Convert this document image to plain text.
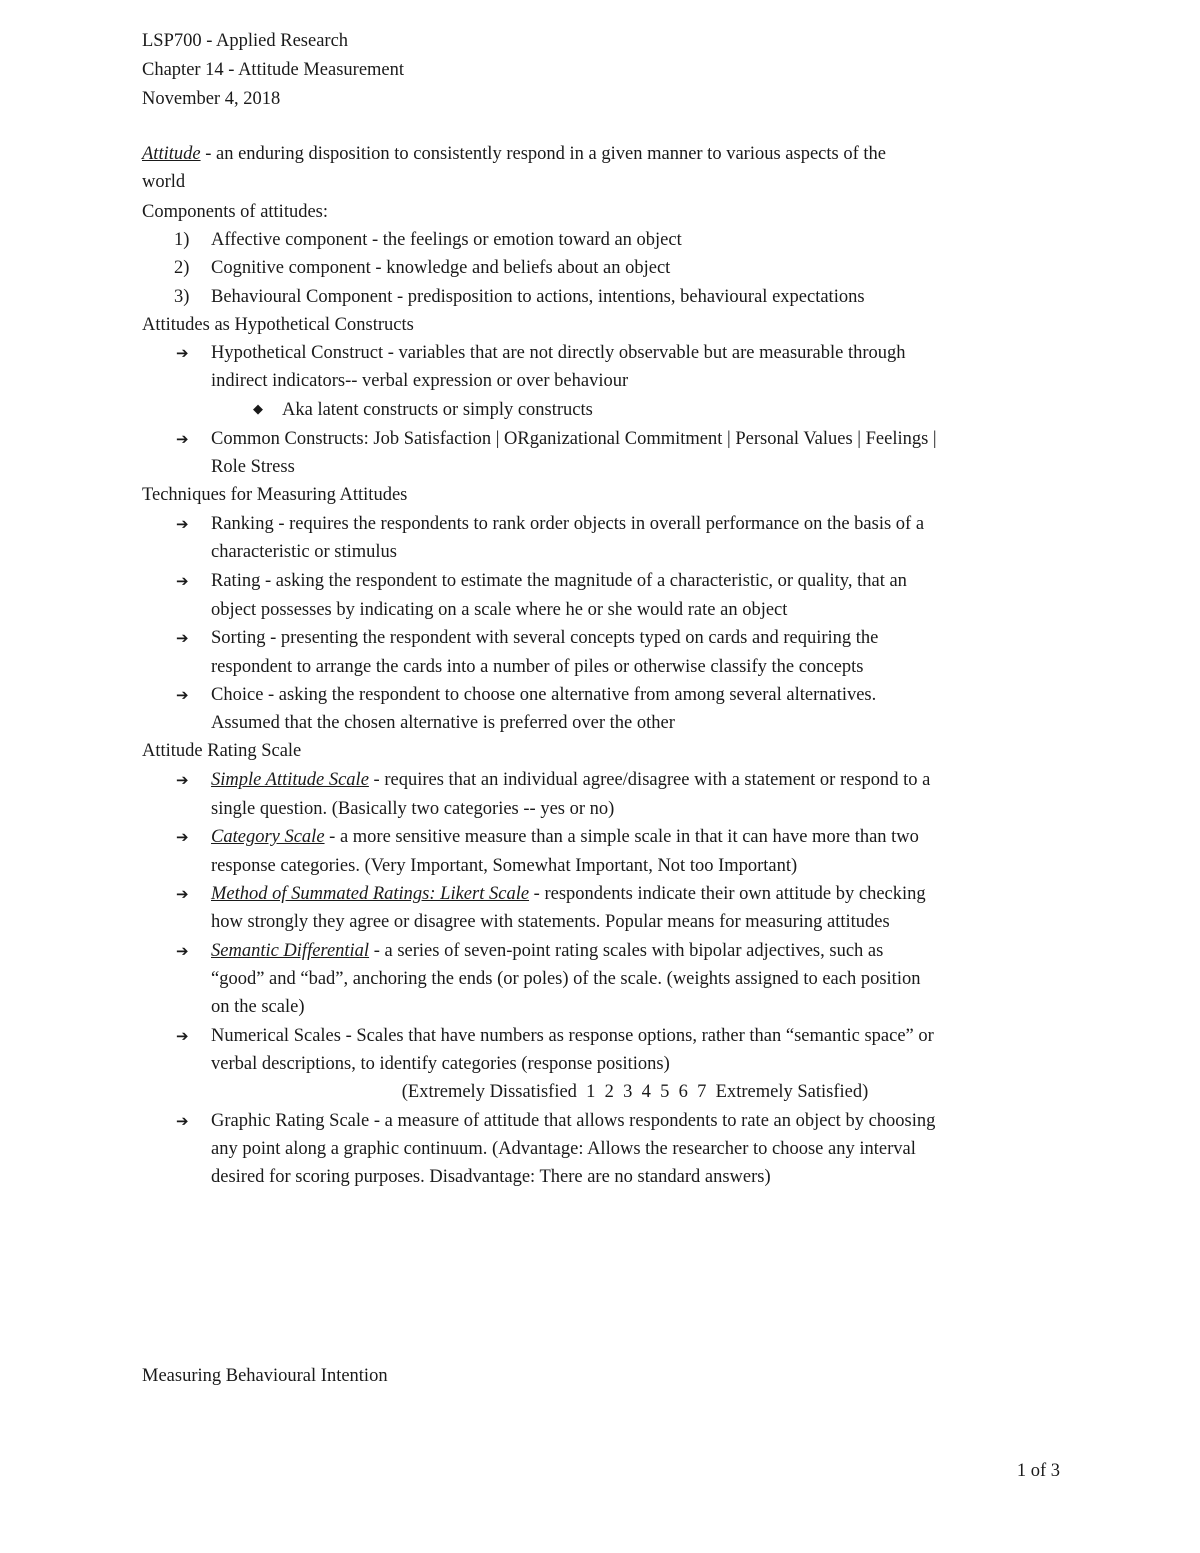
LSP700 - Applied Research
Chapter 14 - Attitude Measurement
November 4, 2018
Attitude - an enduring disposition to consistently respond in a given manner to various aspects of the
world
Components of attitudes:
1) Affective component - the feelings or emotion toward an object
2) Cognitive component - knowledge and beliefs about an object
3) Behavioural Component - predisposition to actions, intentions, behavioural expectations
Attitudes as Hypothetical Constructs
➔ Hypothetical Construct - variables that are not directly observable but are measurable through
indirect indicators-- verbal expression or over behaviour
◆ Aka latent constructs or simply constructs
➔ Common Constructs: Job Satisfaction | ORganizational Commitment | Personal Values | Feelings |
Role Stress
Techniques for Measuring Attitudes
➔ Ranking - requires the respondents to rank order objects in overall performance on the basis of a
characteristic or stimulus
➔ Rating - asking the respondent to estimate the magnitude of a characteristic, or quality, that an
object possesses by indicating on a scale where he or she would rate an object
➔ Sorting - presenting the respondent with several concepts typed on cards and requiring the
respondent to arrange the cards into a number of piles or otherwise classify the concepts
➔ Choice - asking the respondent to choose one alternative from among several alternatives.
Assumed that the chosen alternative is preferred over the other
Attitude Rating Scale
➔ Simple Attitude Scale - requires that an individual agree/disagree with a statement or respond to a
single question. (Basically two categories -- yes or no)
➔ Category Scale - a more sensitive measure than a simple scale in that it can have more than two
response categories. (Very Important, Somewhat Important, Not too Important)
➔ Method of Summated Ratings: Likert Scale - respondents indicate their own attitude by checking
how strongly they agree or disagree with statements. Popular means for measuring attitudes
➔ Semantic Differential - a series of seven-point rating scales with bipolar adjectives, such as
“good” and “bad”, anchoring the ends (or poles) of the scale. (weights assigned to each position
on the scale)
➔ Numerical Scales - Scales that have numbers as response options, rather than “semantic space” or
verbal descriptions, to identify categories (response positions)
(Extremely Dissatisfied  1  2  3  4  5  6  7  Extremely Satisfied)
➔ Graphic Rating Scale - a measure of attitude that allows respondents to rate an object by choosing
any point along a graphic continuum. (Advantage: Allows the researcher to choose any interval
desired for scoring purposes. Disadvantage: There are no standard answers)
Measuring Behavioural Intention
1 of 3
